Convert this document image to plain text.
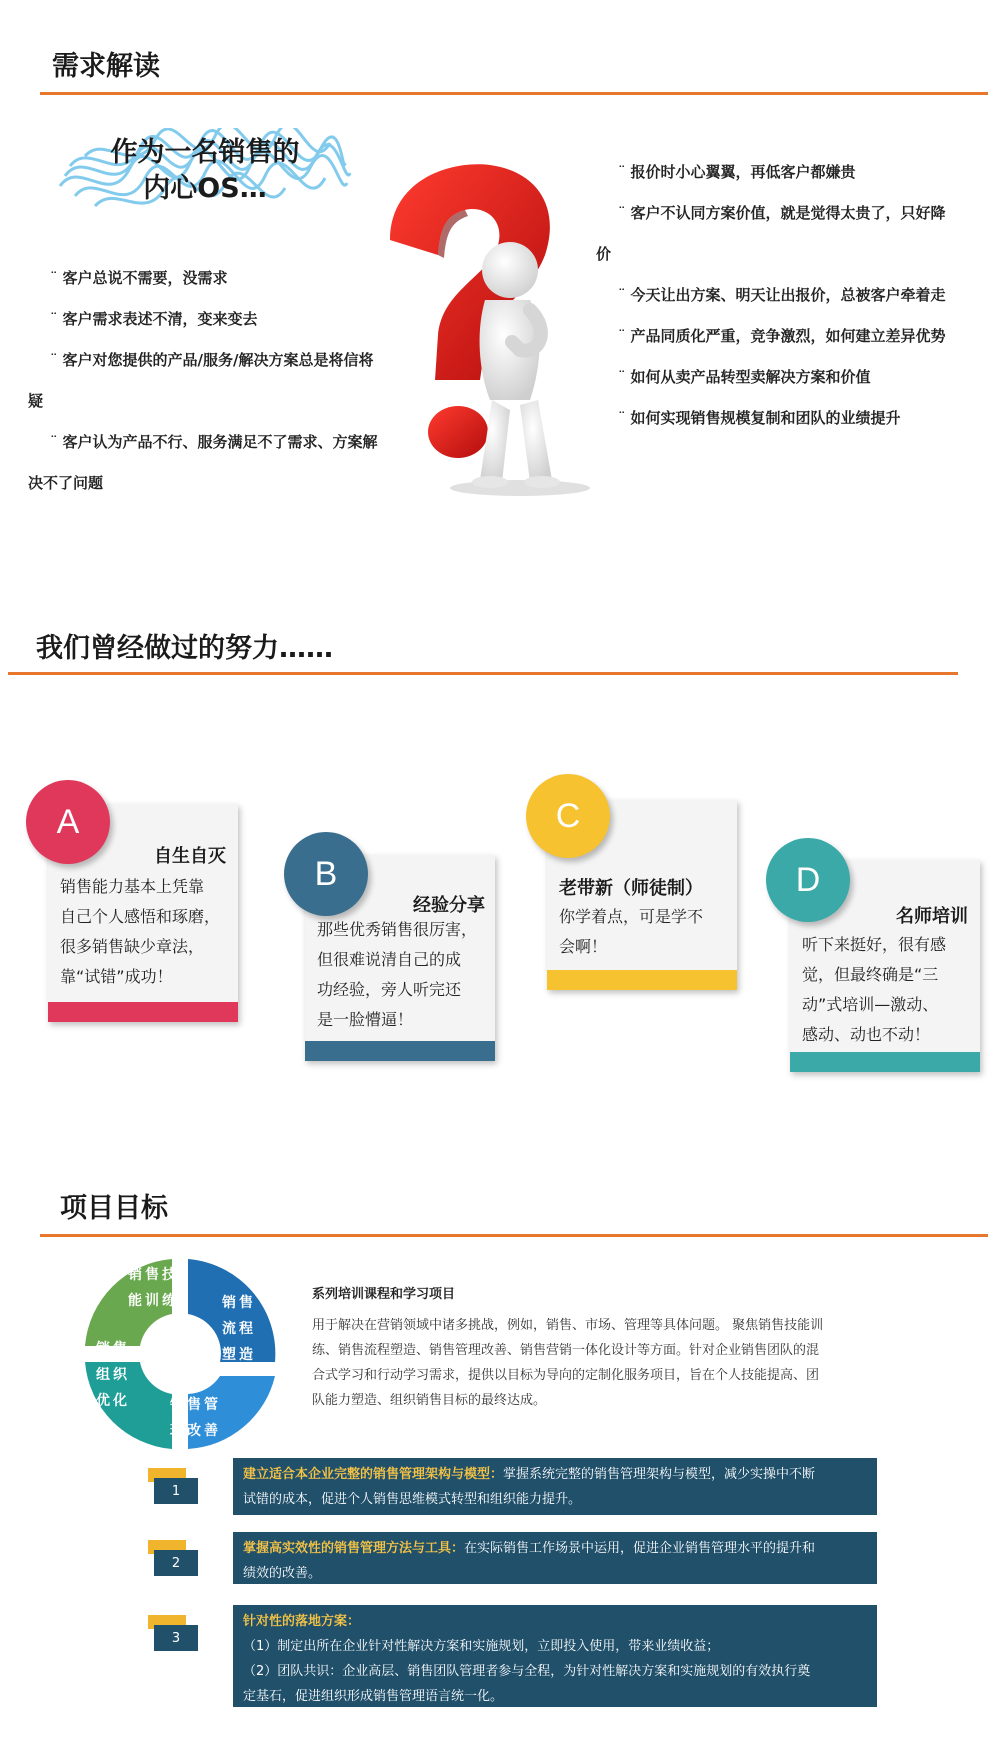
需求解读
作为一名销售的
内心OS…
¨ 客户总说不需要，没需求
¨ 客户需求表述不清，变来变去
¨ 客户对您提供的产品/服务/解决方案总是将信将
疑
¨ 客户认为产品不行、服务满足不了需求、方案解
决不了问题
¨ 报价时小心翼翼，再低客户都嫌贵
¨ 客户不认同方案价值，就是觉得太贵了，只好降
价
¨ 今天让出方案、明天让出报价，总被客户牵着走
¨ 产品同质化严重，竞争激烈，如何建立差异优势
¨ 如何从卖产品转型卖解决方案和价值
¨ 如何实现销售规模复制和团队的业绩提升
我们曾经做过的努力……
自生自灭
销售能力基本上凭靠
自己个人感悟和琢磨，
很多销售缺少章法，
靠“试错”成功！
A
经验分享
那些优秀销售很厉害，
但很难说清自己的成
功经验，旁人听完还
是一脸懵逼！
B	老带新（师徒制）
你学着点，可是学不
会啊！
C
名师培训
听下来挺好，很有感
觉，但最终确是“三
动”式培训—激动、
感动、动也不动！
D
项目目标
销售技
能训练	销售
流程
塑造
销售管
理改善
销售
组织
优化
系列培训课程和学习项目
用于解决在营销领域中诸多挑战，例如，销售、市场、管理等具体问题。 聚焦销售技能训
练、销售流程塑造、销售管理改善、销售营销一体化设计等方面。针对企业销售团队的混
合式学习和行动学习需求，提供以目标为导向的定制化服务项目，旨在个人技能提高、团
队能力塑造、组织销售目标的最终达成。
1
建立适合本企业完整的销售管理架构与模型：掌握系统完整的销售管理架构与模型，减少实操中不断
试错的成本，促进个人销售思维模式转型和组织能力提升。
2
掌握高实效性的销售管理方法与工具：在实际销售工作场景中运用，促进企业销售管理水平的提升和
绩效的改善。
3
针对性的落地方案：
（1）制定出所在企业针对性解决方案和实施规划，立即投入使用，带来业绩收益；
（2）团队共识：企业高层、销售团队管理者参与全程，为针对性解决方案和实施规划的有效执行奠
定基石，促进组织形成销售管理语言统一化。
